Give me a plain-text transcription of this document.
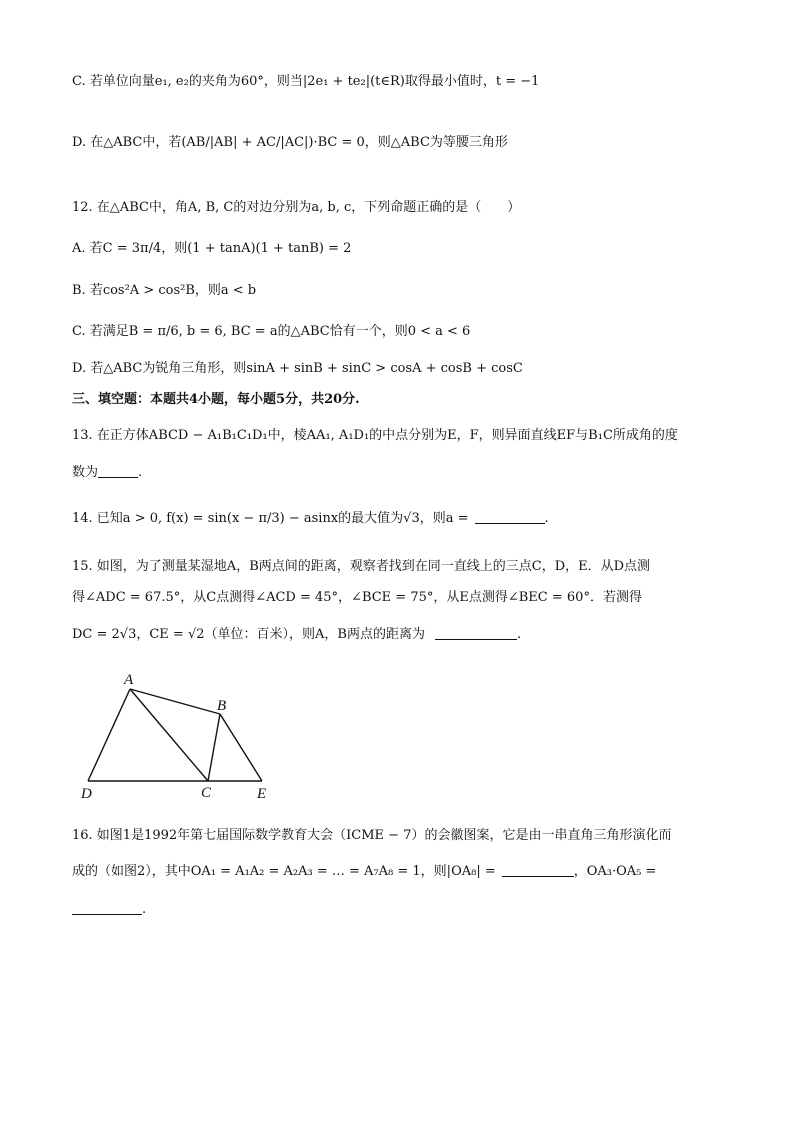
C. 若单位向量e₁, e₂的夹角为60°，则当|2e₁ + te₂|(t∈R)取得最小值时，t = −1
D. 在△ABC中，若(AB/|AB| + AC/|AC|)·BC = 0，则△ABC为等腰三角形
12. 在△ABC中，角A, B, C的对边分别为a, b, c，下列命题正确的是（　　）
A. 若C = 3π/4，则(1 + tanA)(1 + tanB) = 2
B. 若cos²A > cos²B，则a < b
C. 若满足B = π/6, b = 6, BC = a的△ABC恰有一个，则0 < a < 6
D. 若△ABC为锐角三角形，则sinA + sinB + sinC > cosA + cosB + cosC
三、填空题：本题共4小题，每小题5分，共20分.
13. 在正方体ABCD − A₁B₁C₁D₁中，棱AA₁, A₁D₁的中点分别为E，F，则异面直线EF与B₁C所成角的度
数为	.
14. 已知a > 0, f(x) = sin(x − π/3) − asinx的最大值为√3，则a =	.
15. 如图，为了测量某湿地A，B两点间的距离，观察者找到在同一直线上的三点C，D，E．从D点测
得∠ADC = 67.5°，从C点测得∠ACD = 45°，∠BCE = 75°，从E点测得∠BEC = 60°．若测得
DC = 2√3，CE = √2（单位：百米），则A，B两点的距离为	.
A
B
C
D	E
16. 如图1是1992年第七届国际数学教育大会（ICME − 7）的会徽图案，它是由一串直角三角形演化而
成的（如图2），其中OA₁ = A₁A₂ = A₂A₃ = … = A₇A₈ = 1，则|OA₈| =	，OA₃·OA₅ =
.
